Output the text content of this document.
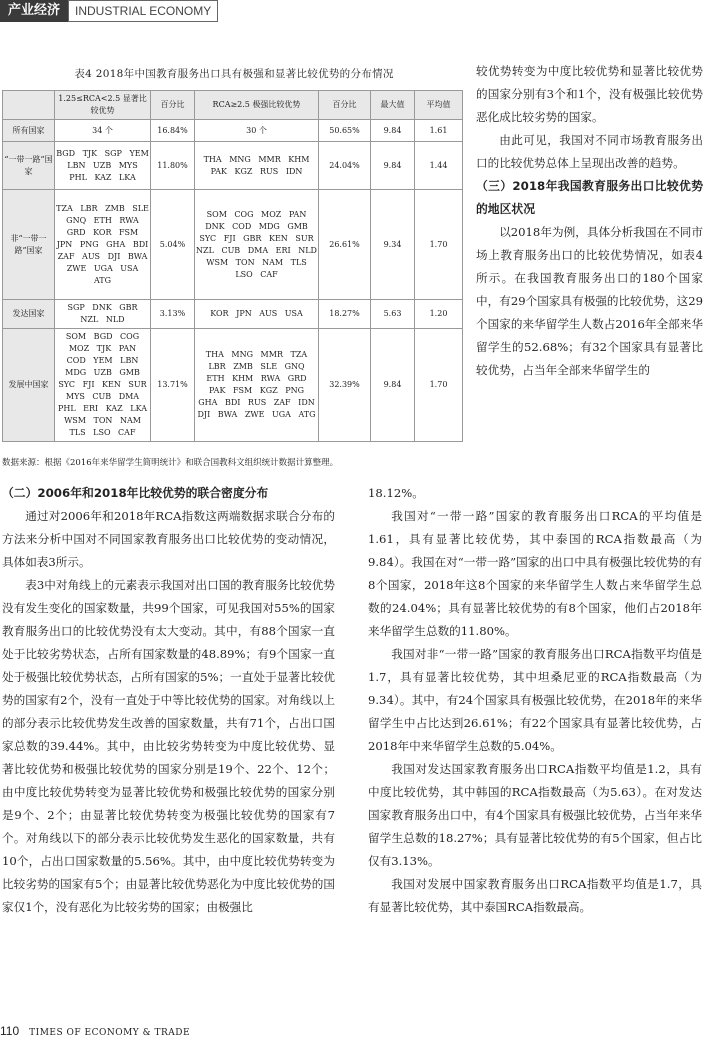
产业经济	INDUSTRIAL ECONOMY
表4 2018年中国教育服务出口具有极强和显著比较优势的分布情况
	1.25≤RCA<2.5 显著比较优势	百分比	RCA≥2.5 极强比较优势	百分比	最大值	平均值
所有国家	34 个	16.84%	30 个	50.65%	9.84	1.61
“一带一路”国家	BGD TJK SGP YEM LBN UZB MYS PHL KAZ LKA	11.80%	THA MNG MMR KHM PAK KGZ RUS IDN	24.04%	9.84	1.44
非“一带一路”国家	TZA LBR ZMB SLE GNQ ETH RWA GRD KOR FSM JPN PNG GHA BDI ZAF AUS DJI BWA ZWE UGA USA ATG	5.04%	SOM COG MOZ PAN DNK COD MDG GMB SYC FJI GBR KEN SUR NZL CUB DMA ERI NLD WSM TON NAM TLS LSO CAF	26.61%	9.34	1.70
发达国家	SGP DNK GBR NZL NLD	3.13%	KOR JPN AUS USA	18.27%	5.63	1.20
发展中国家	SOM BGD COG MOZ TJK PAN COD YEM LBN MDG UZB GMB SYC FJI KEN SUR MYS CUB DMA PHL ERI KAZ LKA WSM TON NAM TLS LSO CAF	13.71%	THA MNG MMR TZA LBR ZMB SLE GNQ ETH KHM RWA GRD PAK FSM KGZ PNG GHA BDI RUS ZAF IDN DJI BWA ZWE UGA ATG	32.39%	9.84	1.70
数据来源：根据《2016年来华留学生简明统计》和联合国教科文组织统计数据计算整理。

较优势转变为中度比较优势和显著比较优势的国家分别有3个和1个，没有极强比较优势恶化成比较劣势的国家。

由此可见，我国对不同市场教育服务出口的比较优势总体上呈现出改善的趋势。

（三）2018年我国教育服务出口比较优势的地区状况

以2018年为例，具体分析我国在不同市场上教育服务出口的比较优势情况，如表4所示。在我国教育服务出口的180个国家中，有29个国家具有极强的比较优势，这29个国家的来华留学生人数占2016年全部来华留学生的52.68%；有32个国家具有显著比较优势，占当年全部来华留学生的

（二）2006年和2018年比较优势的联合密度分布

通过对2006年和2018年RCA指数这两端数据求联合分布的方法来分析中国对不同国家教育服务出口比较优势的变动情况，具体如表3所示。

表3中对角线上的元素表示我国对出口国的教育服务比较优势没有发生变化的国家数量，共99个国家，可见我国对55%的国家教育服务出口的比较优势没有太大变动。其中，有88个国家一直处于比较劣势状态，占所有国家数量的48.89%；有9个国家一直处于极强比较优势状态，占所有国家的5%；一直处于显著比较优势的国家有2个，没有一直处于中等比较优势的国家。对角线以上的部分表示比较优势发生改善的国家数量，共有71个，占出口国家总数的39.44%。其中，由比较劣势转变为中度比较优势、显著比较优势和极强比较优势的国家分别是19个、22个、12个；由中度比较优势转变为显著比较优势和极强比较优势的国家分别是9个、2个；由显著比较优势转变为极强比较优势的国家有7个。对角线以下的部分表示比较优势发生恶化的国家数量，共有10个，占出口国家数量的5.56%。其中，由中度比较优势转变为比较劣势的国家有5个；由显著比较优势恶化为中度比较优势的国家仅1个，没有恶化为比较劣势的国家；由极强比

18.12%。

我国对“一带一路”国家的教育服务出口RCA的平均值是1.61，具有显著比较优势，其中泰国的RCA指数最高（为9.84）。我国在对“一带一路”国家的出口中具有极强比较优势的有8个国家，2018年这8个国家的来华留学生人数占来华留学生总数的24.04%；具有显著比较优势的有8个国家，他们占2018年来华留学生总数的11.80%。

我国对非“一带一路”国家的教育服务出口RCA指数平均值是1.7，具有显著比较优势，其中坦桑尼亚的RCA指数最高（为9.34）。其中，有24个国家具有极强比较优势，在2018年的来华留学生中占比达到26.61%；有22个国家具有显著比较优势，占2018年中来华留学生总数的5.04%。

我国对发达国家教育服务出口RCA指数平均值是1.2，具有中度比较优势，其中韩国的RCA指数最高（为5.63）。在对发达国家教育服务出口中，有4个国家具有极强比较优势，占当年来华留学生总数的18.27%；具有显著比较优势的有5个国家，但占比仅有3.13%。

我国对发展中国家教育服务出口RCA指数平均值是1.7，具有显著比较优势，其中泰国RCA指数最高。

110 TIMES OF ECONOMY & TRADE
